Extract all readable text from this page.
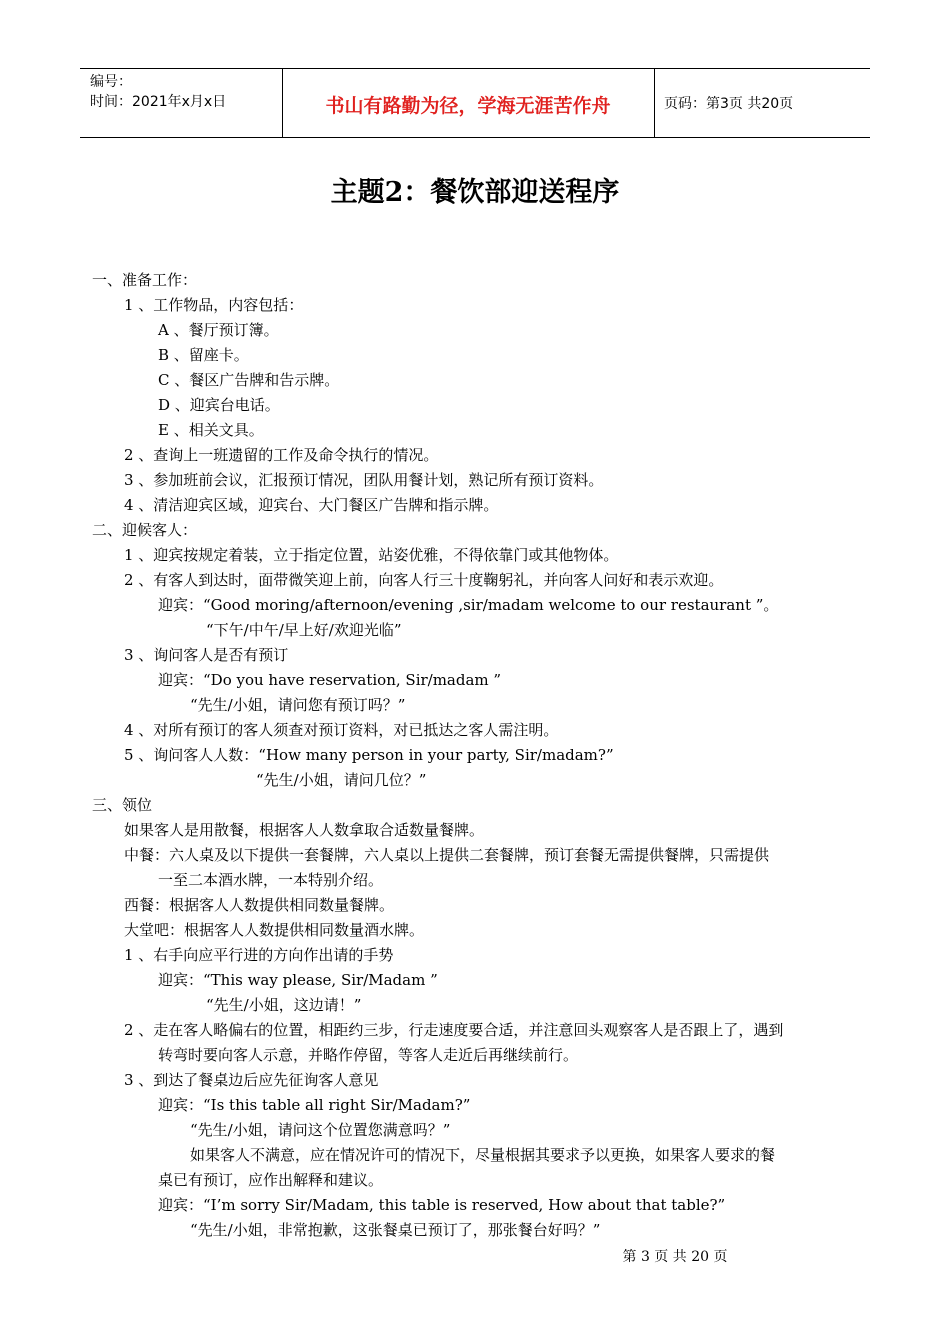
编号：
时间：2021年x月x日	书山有路勤为径，学海无涯苦作舟	页码：第3页 共20页
主题2：餐饮部迎送程序
一、准备工作：
1 、工作物品，内容包括：
A 、餐厅预订簿。
B 、留座卡。
C 、餐区广告牌和告示牌。
D 、迎宾台电话。
E 、相关文具。
2 、查询上一班遗留的工作及命令执行的情况。
3 、参加班前会议，汇报预订情况，团队用餐计划，熟记所有预订资料。
4 、清洁迎宾区域，迎宾台、大门餐区广告牌和指示牌。
二、迎候客人：
1 、迎宾按规定着装，立于指定位置，站姿优雅，不得依靠门或其他物体。
2 、有客人到达时，面带微笑迎上前，向客人行三十度鞠躬礼，并向客人问好和表示欢迎。
迎宾：“Good moring/afternoon/evening ,sir/madam welcome to our restaurant ”。
“下午/中午/早上好/欢迎光临”
3 、询问客人是否有预订
迎宾：“Do you have reservation, Sir/madam ”
“先生/小姐，请问您有预订吗？”
4 、对所有预订的客人须查对预订资料，对已抵达之客人需注明。
5 、询问客人人数：“How many person in your party, Sir/madam?”
“先生/小姐，请问几位？”
三、领位
如果客人是用散餐，根据客人人数拿取合适数量餐牌。
中餐：六人桌及以下提供一套餐牌，六人桌以上提供二套餐牌，预订套餐无需提供餐牌，只需提供
一至二本酒水牌，一本特别介绍。
西餐：根据客人人数提供相同数量餐牌。
大堂吧：根据客人人数提供相同数量酒水牌。
1 、右手向应平行进的方向作出请的手势
迎宾：“This way please, Sir/Madam ”
“先生/小姐，这边请！”
2 、走在客人略偏右的位置，相距约三步，行走速度要合适，并注意回头观察客人是否跟上了，遇到
转弯时要向客人示意，并略作停留，等客人走近后再继续前行。
3 、到达了餐桌边后应先征询客人意见
迎宾：“Is this table all right Sir/Madam?”
“先生/小姐，请问这个位置您满意吗？”
如果客人不满意，应在情况许可的情况下，尽量根据其要求予以更换，如果客人要求的餐
桌已有预订，应作出解释和建议。
迎宾：“I’m sorry Sir/Madam, this table is reserved, How about that table?”
“先生/小姐，非常抱歉，这张餐桌已预订了，那张餐台好吗？”
第 3 页 共 20 页
